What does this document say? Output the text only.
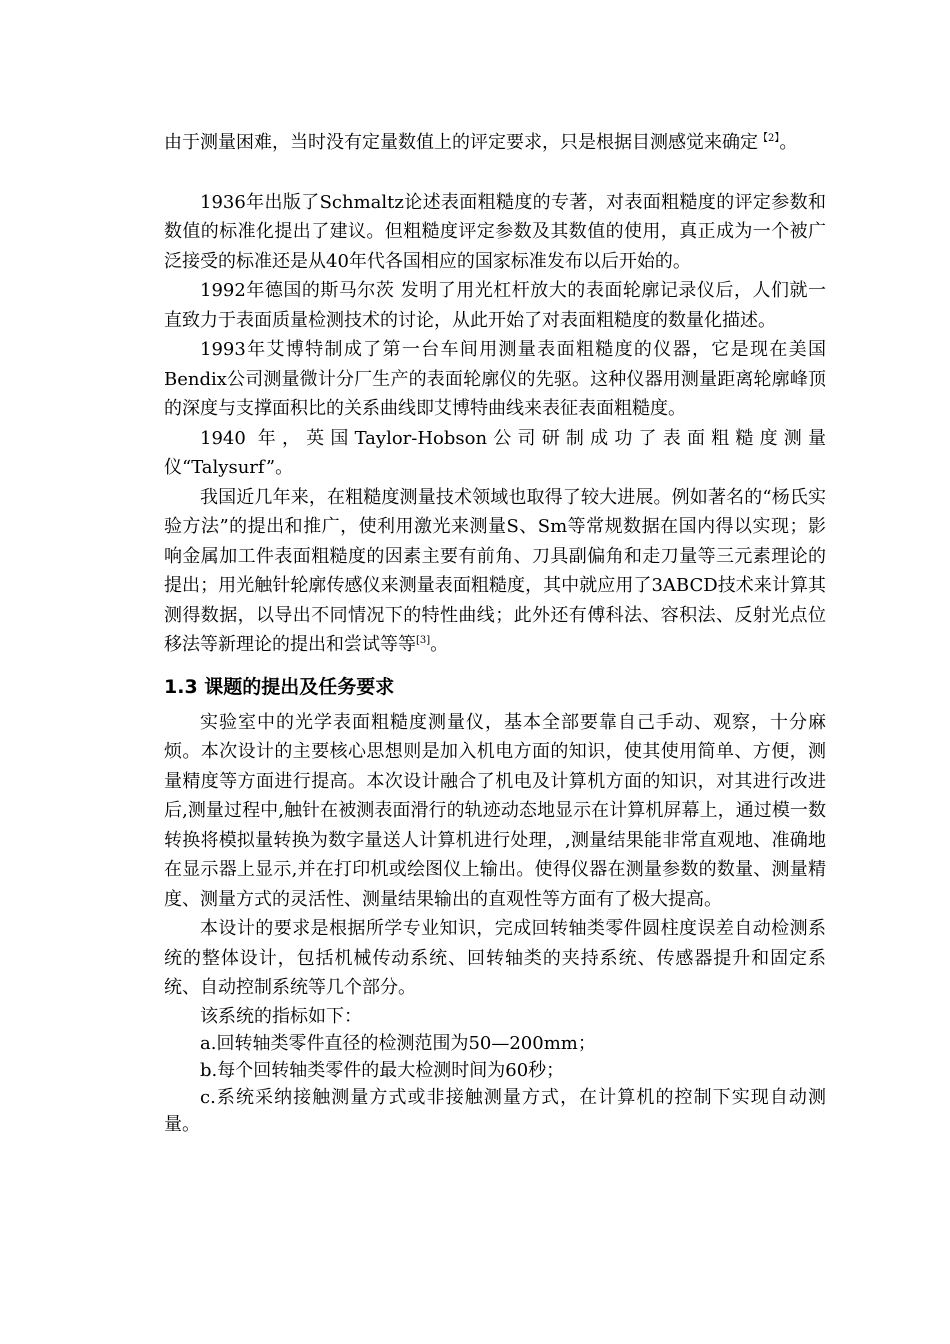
由于测量困难，当时没有定量数值上的评定要求，只是根据目测感觉来确定$^{【2】}$。

1936年出版了Schmaltz论述表面粗糙度的专著，对表面粗糙度的评定参数和数值的标准化提出了建议。但粗糙度评定参数及其数值的使用，真正成为一个被广泛接受的标准还是从40年代各国相应的国家标准发布以后开始的。

1992年德国的斯马尔茨 发明了用光杠杆放大的表面轮廓记录仪后，人们就一直致力于表面质量检测技术的讨论，从此开始了对表面粗糙度的数量化描述。

1993年艾博特制成了第一台车间用测量表面粗糙度的仪器，它是现在美国Bendix公司测量微计分厂生产的表面轮廓仪的先驱。这种仪器用测量距离轮廓峰顶的深度与支撑面积比的关系曲线即艾博特曲线来表征表面粗糙度。

1940 年，英国Taylor-Hobson公司研制成功了表面粗糙度测量仪“Talysurf”。

我国近几年来，在粗糙度测量技术领域也取得了较大进展。例如著名的“杨氏实验方法”的提出和推广，使利用激光来测量S、Sm等常规数据在国内得以实现；影响金属加工件表面粗糙度的因素主要有前角、刀具副偏角和走刀量等三元素理论的提出；用光触针轮廓传感仪来测量表面粗糙度，其中就应用了3ABCD技术来计算其测得数据，以导出不同情况下的特性曲线；此外还有傅科法、容积法、反射光点位移法等新理论的提出和尝试等等[3]。

1.3 课题的提出及任务要求

实验室中的光学表面粗糙度测量仪，基本全部要靠自己手动、观察，十分麻烦。本次设计的主要核心思想则是加入机电方面的知识，使其使用简单、方便，测量精度等方面进行提高。本次设计融合了机电及计算机方面的知识，对其进行改进后,测量过程中,触针在被测表面滑行的轨迹动态地显示在计算机屏幕上，通过模一数转换将模拟量转换为数字量送人计算机进行处理，,测量结果能非常直观地、准确地在显示器上显示,并在打印机或绘图仪上输出。使得仪器在测量参数的数量、测量精度、测量方式的灵活性、测量结果输出的直观性等方面有了极大提高。

本设计的要求是根据所学专业知识，完成回转轴类零件圆柱度误差自动检测系统的整体设计，包括机械传动系统、回转轴类的夹持系统、传感器提升和固定系统、自动控制系统等几个部分。

该系统的指标如下：

a.回转轴类零件直径的检测范围为50—200mm；

b.每个回转轴类零件的最大检测时间为60秒；

c.系统采纳接触测量方式或非接触测量方式，在计算机的控制下实现自动测量。
